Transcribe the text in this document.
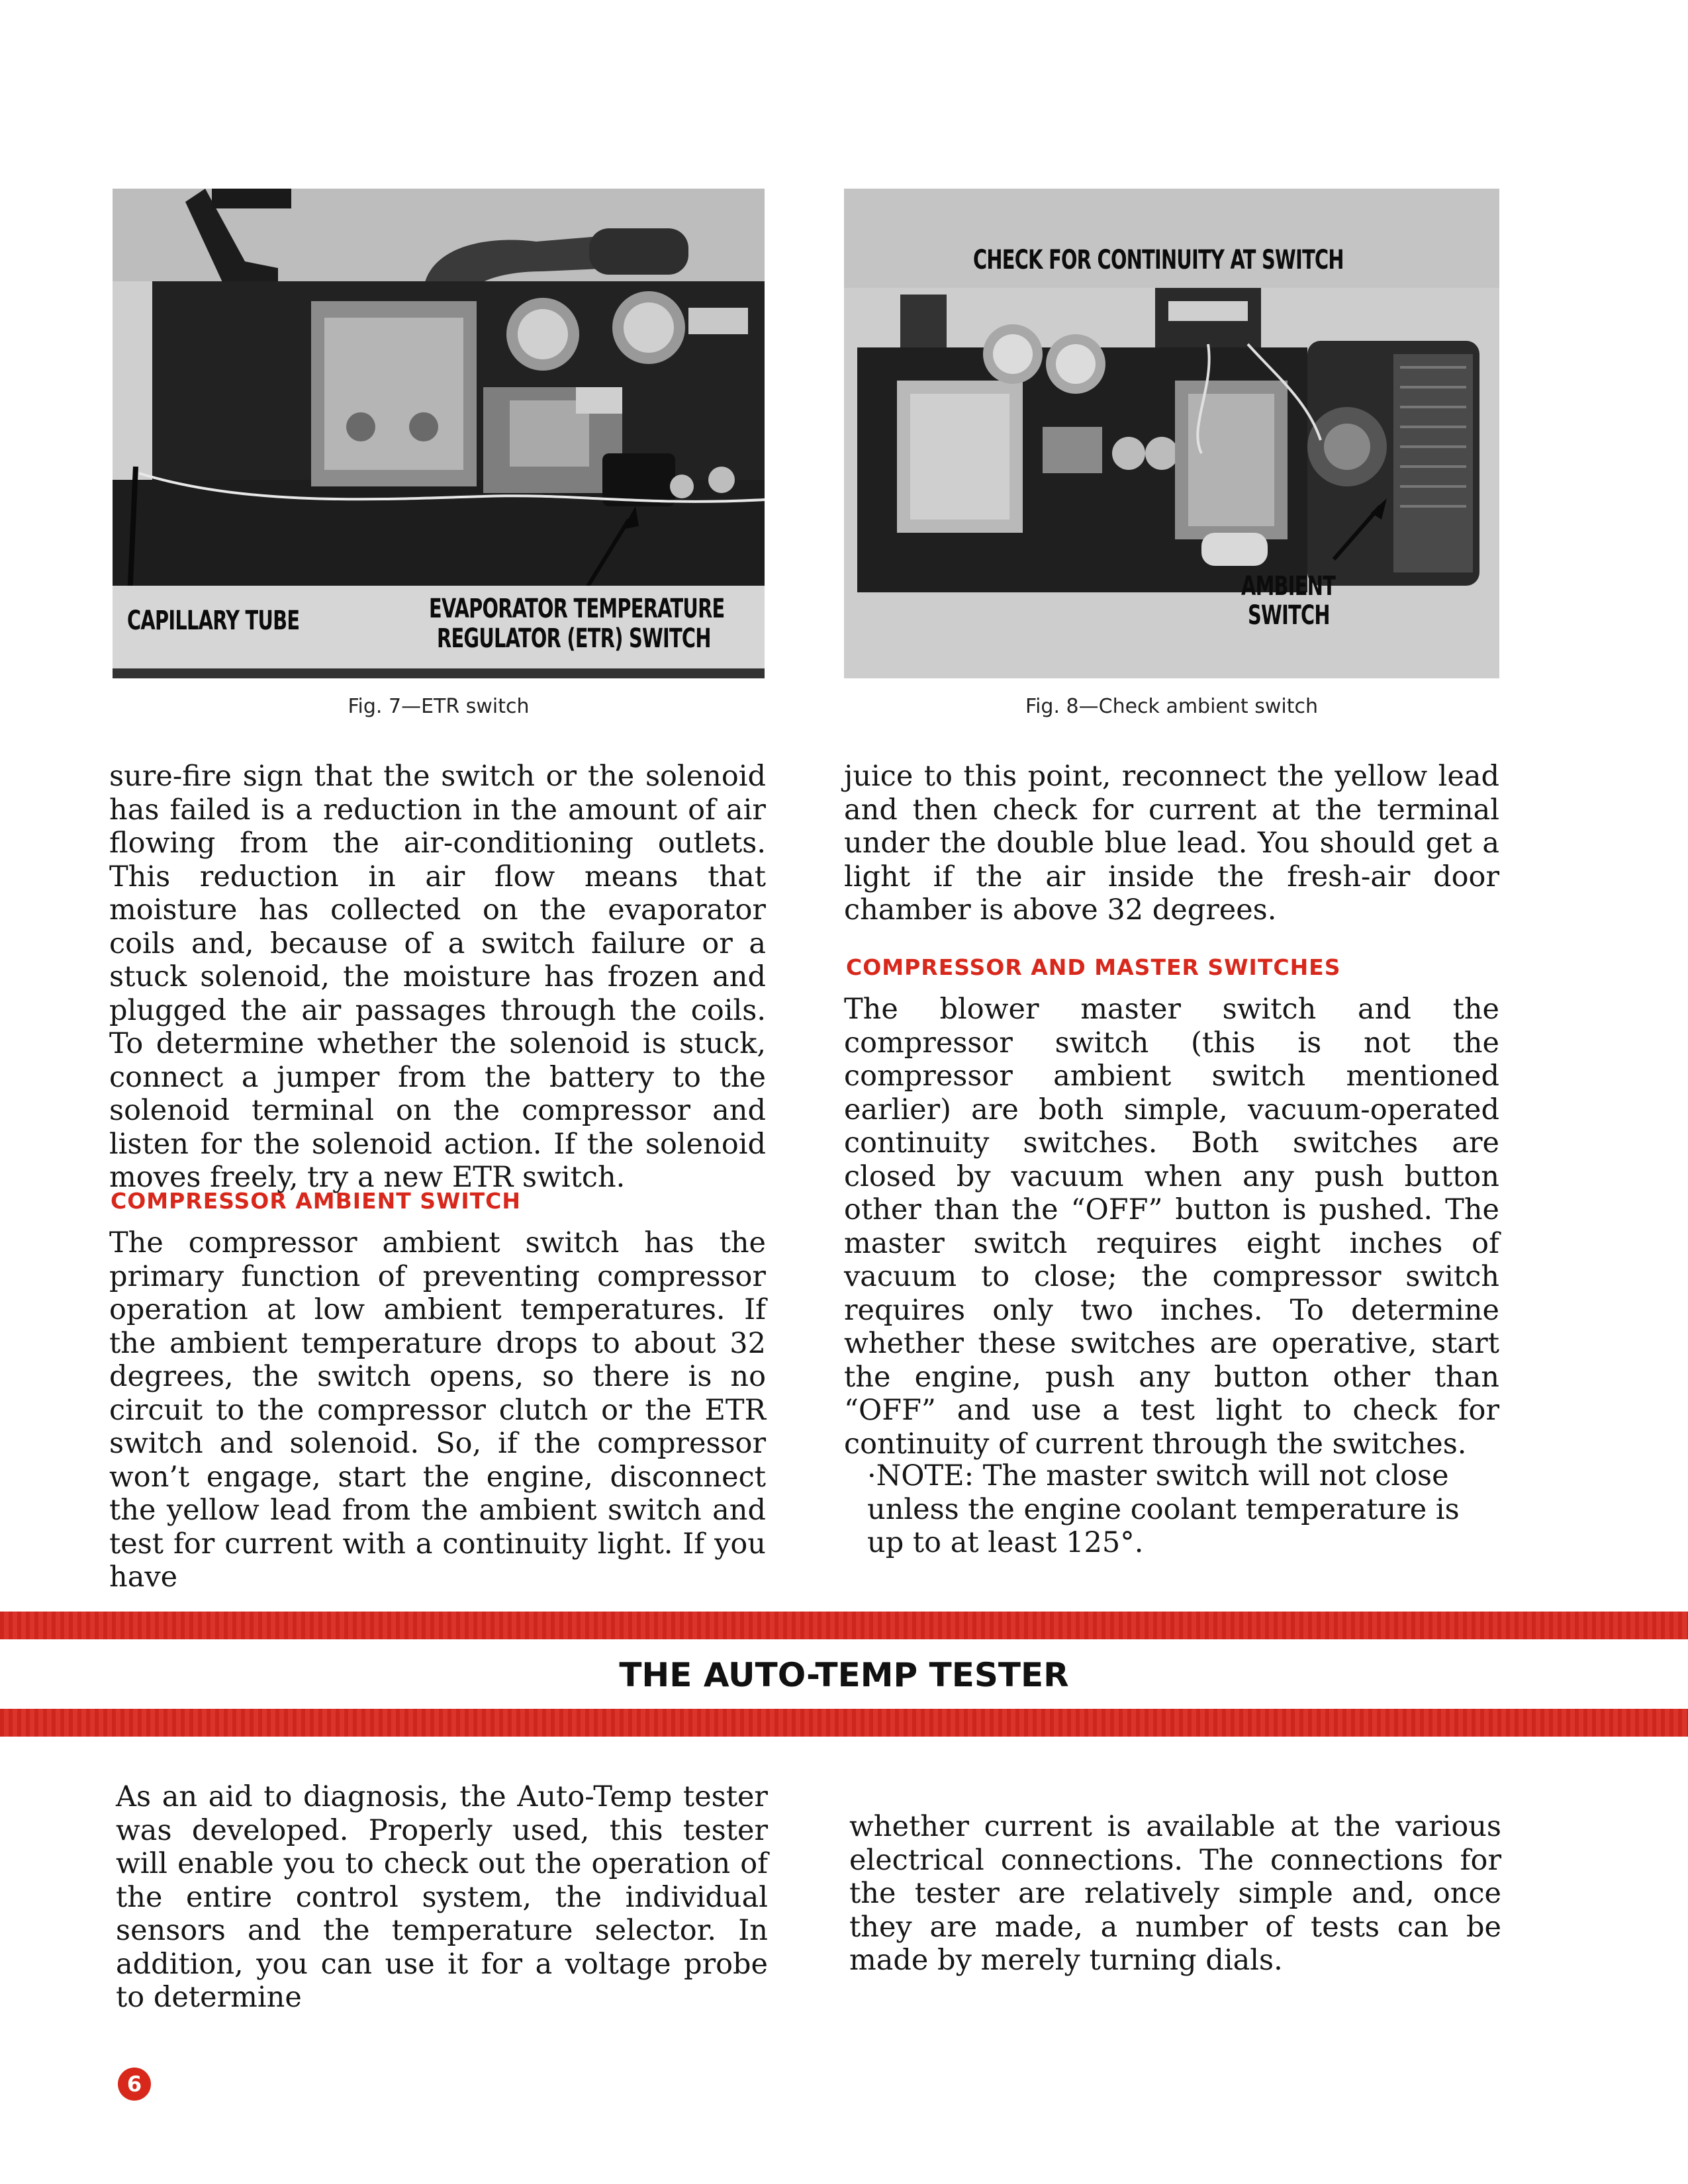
CAPILLARY TUBE	EVAPORATOR TEMPERATURE
REGULATOR (ETR) SWITCH
Fig. 7—ETR switch
CHECK FOR CONTINUITY AT SWITCH
AMBIENT
SWITCH
Fig. 8—Check ambient switch
sure-fire sign that the switch or the solenoid has failed is a reduction in the amount of air flowing from the air-conditioning outlets. This reduction in air flow means that moisture has collected on the evaporator coils and, because of a switch failure or a stuck solenoid, the moisture has frozen and plugged the air passages through the coils. To determine whether the solenoid is stuck, connect a jumper from the battery to the solenoid terminal on the compressor and listen for the solenoid action. If the solenoid moves freely, try a new ETR switch.
COMPRESSOR AMBIENT SWITCH
The compressor ambient switch has the primary function of preventing compressor operation at low ambient temperatures. If the ambient temperature drops to about 32 degrees, the switch opens, so there is no circuit to the compressor clutch or the ETR switch and solenoid. So, if the compressor won’t engage, start the engine, disconnect the yellow lead from the ambient switch and test for current with a continuity light. If you have
juice to this point, reconnect the yellow lead and then check for current at the terminal under the double blue lead. You should get a light if the air inside the fresh-air door chamber is above 32 degrees.
COMPRESSOR AND MASTER SWITCHES
The blower master switch and the compressor switch (this is not the compressor ambient switch mentioned earlier) are both simple, vacuum-operated continuity switches. Both switches are closed by vacuum when any push button other than the “OFF” button is pushed. The master switch requires eight inches of vacuum to close; the compressor switch requires only two inches. To determine whether these switches are operative, start the engine, push any button other than “OFF” and use a test light to check for continuity of current through the switches.
·NOTE: The master switch will not close unless the engine coolant temperature is up to at least 125°.
THE AUTO-TEMP TESTER
As an aid to diagnosis, the Auto-Temp tester was developed. Properly used, this tester will enable you to check out the operation of the entire control system, the individual sensors and the temperature selector. In addition, you can use it for a voltage probe to determine
whether current is available at the various electrical connections. The connections for the tester are relatively simple and, once they are made, a number of tests can be made by merely turning dials.
6
